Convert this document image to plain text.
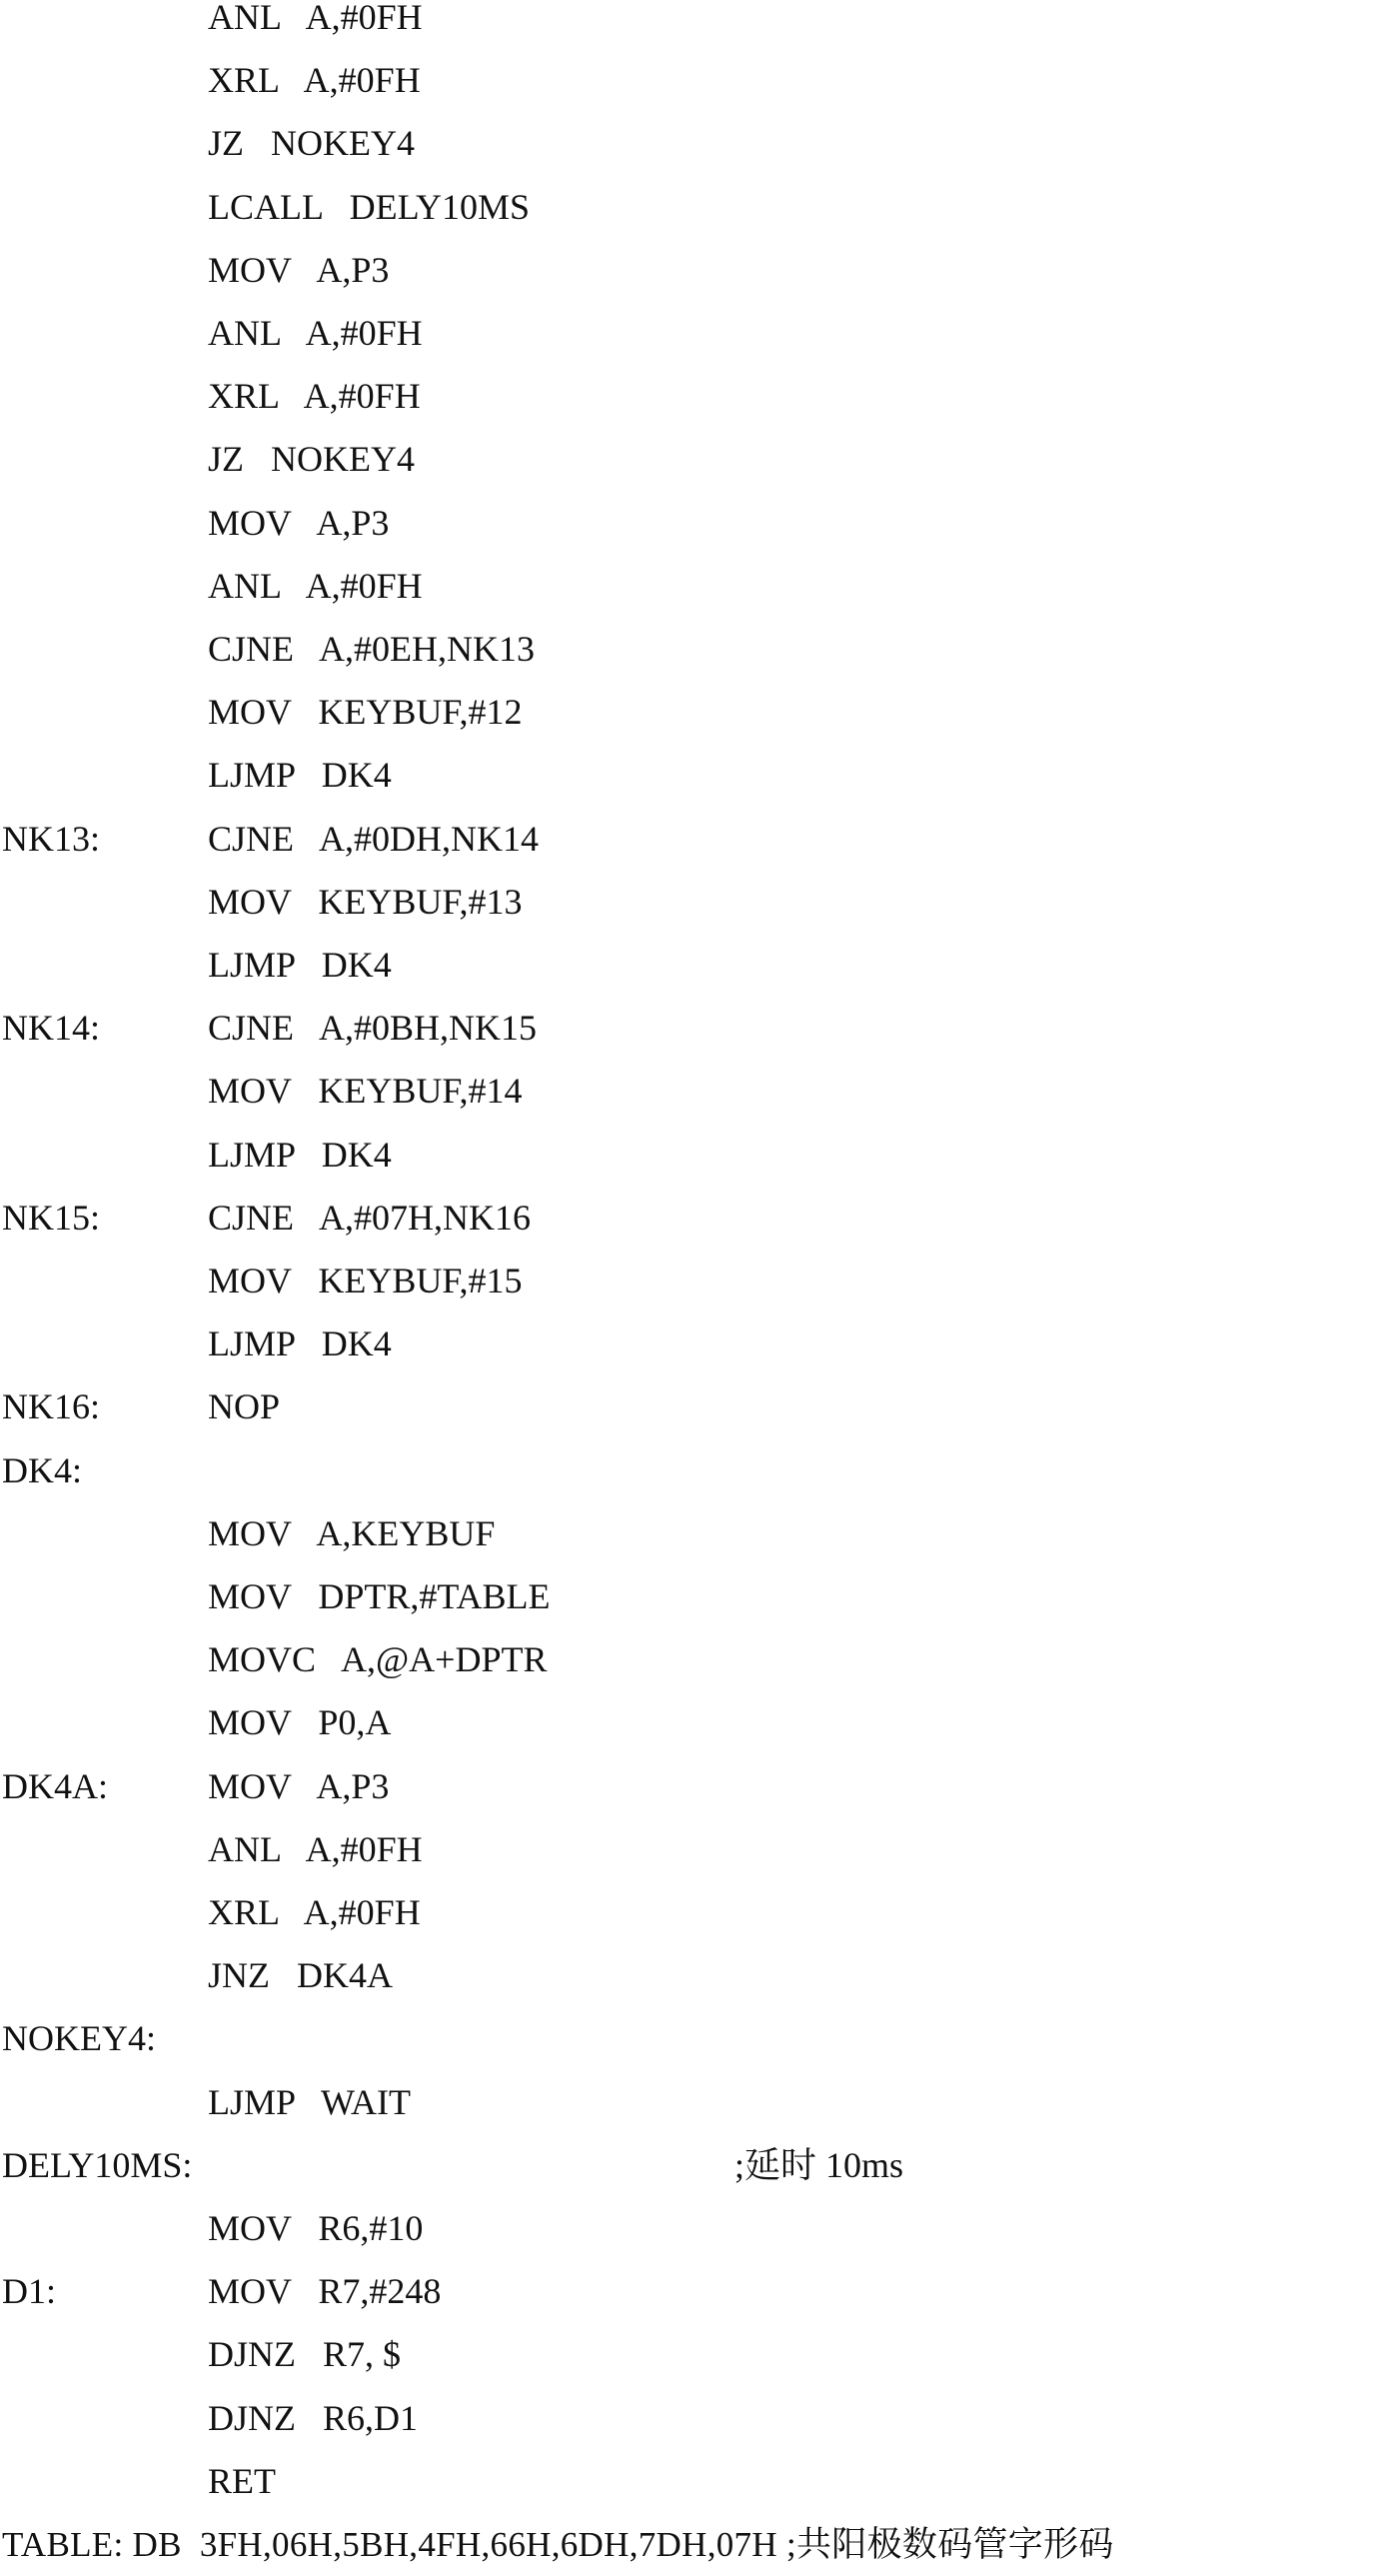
ANL   A,#0FH
XRL   A,#0FH
JZ   NOKEY4
LCALL   DELY10MS
MOV   A,P3
ANL   A,#0FH
XRL   A,#0FH
JZ   NOKEY4
MOV   A,P3
ANL   A,#0FH
CJNE   A,#0EH,NK13
MOV   KEYBUF,#12
LJMP   DK4
NK13:	CJNE   A,#0DH,NK14
MOV   KEYBUF,#13
LJMP   DK4
NK14:	CJNE   A,#0BH,NK15
MOV   KEYBUF,#14
LJMP   DK4
NK15:	CJNE   A,#07H,NK16
MOV   KEYBUF,#15
LJMP   DK4
NK16:	NOP
DK4:
MOV   A,KEYBUF
MOV   DPTR,#TABLE
MOVC   A,@A+DPTR
MOV   P0,A
DK4A:	MOV   A,P3
ANL   A,#0FH
XRL   A,#0FH
JNZ   DK4A
NOKEY4:
LJMP   WAIT
DELY10MS:	;延时 10ms
MOV   R6,#10
D1:	MOV   R7,#248
DJNZ   R7, $
DJNZ   R6,D1
RET
TABLE: DB  3FH,06H,5BH,4FH,66H,6DH,7DH,07H ;共阳极数码管字形码
